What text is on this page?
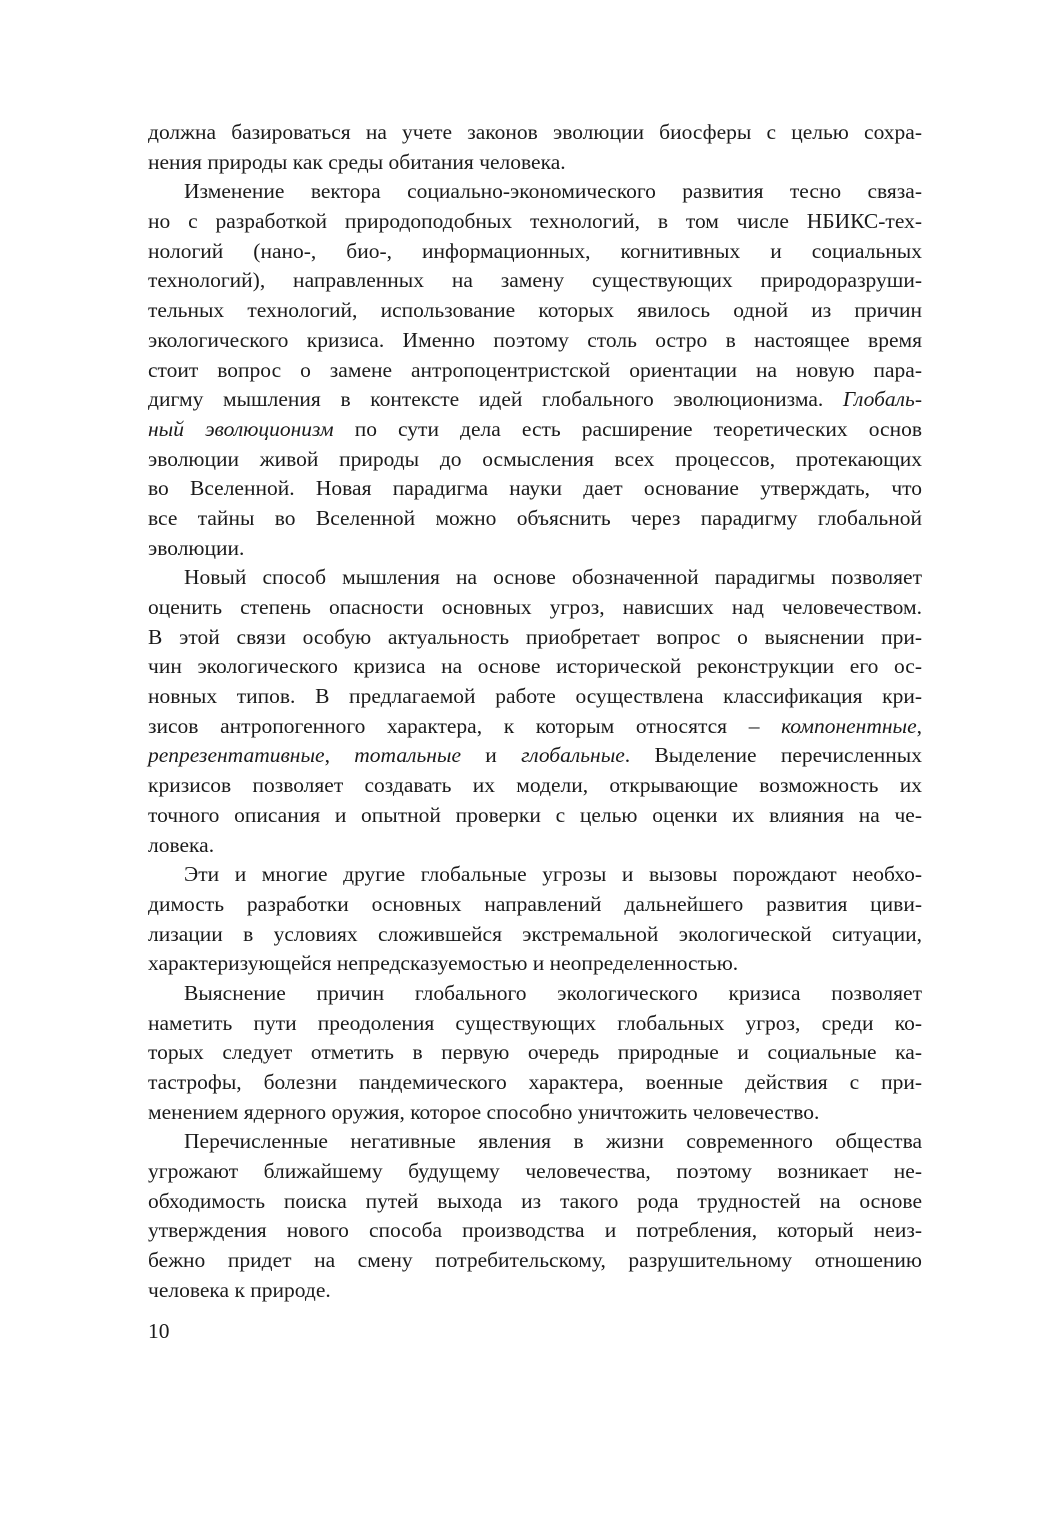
должна базироваться на учете законов эволюции биосферы с целью сохра-
нения природы как среды обитания человека.
Изменение вектора социально-экономического развития тесно связа-
но с разработкой природоподобных технологий, в том числе НБИКС-тех-
нологий (нано-, био-, информационных, когнитивных и социальных
технологий), направленных на замену существующих природоразруши-
тельных технологий, использование которых явилось одной из причин
экологического кризиса. Именно поэтому столь остро в настоящее время
стоит вопрос о замене антропоцентристской ориентации на новую пара-
дигму мышления в контексте идей глобального эволюционизма. Глобаль-
ный эволюционизм по сути дела есть расширение теоретических основ
эволюции живой природы до осмысления всех процессов, протекающих
во Вселенной. Новая парадигма науки дает основание утверждать, что
все тайны во Вселенной можно объяснить через парадигму глобальной
эволюции.
Новый способ мышления на основе обозначенной парадигмы позволяет
оценить степень опасности основных угроз, нависших над человечеством.
В этой связи особую актуальность приобретает вопрос о выяснении при-
чин экологического кризиса на основе исторической реконструкции его ос-
новных типов. В предлагаемой работе осуществлена классификация кри-
зисов антропогенного характера, к которым относятся – компонентные,
репрезентативные, тотальные и глобальные. Выделение перечисленных
кризисов позволяет создавать их модели, открывающие возможность их
точного описания и опытной проверки с целью оценки их влияния на че-
ловека.
Эти и многие другие глобальные угрозы и вызовы порождают необхо-
димость разработки основных направлений дальнейшего развития циви-
лизации в условиях сложившейся экстремальной экологической ситуации,
характеризующейся непредсказуемостью и неопределенностью.
Выяснение причин глобального экологического кризиса позволяет
наметить пути преодоления существующих глобальных угроз, среди ко-
торых следует отметить в первую очередь природные и социальные ка-
тастрофы, болезни пандемического характера, военные действия с при-
менением ядерного оружия, которое способно уничтожить человечество.
Перечисленные негативные явления в жизни современного общества
угрожают ближайшему будущему человечества, поэтому возникает не-
обходимость поиска путей выхода из такого рода трудностей на основе
утверждения нового способа производства и потребления, который неиз-
бежно придет на смену потребительскому, разрушительному отношению
человека к природе.
10
